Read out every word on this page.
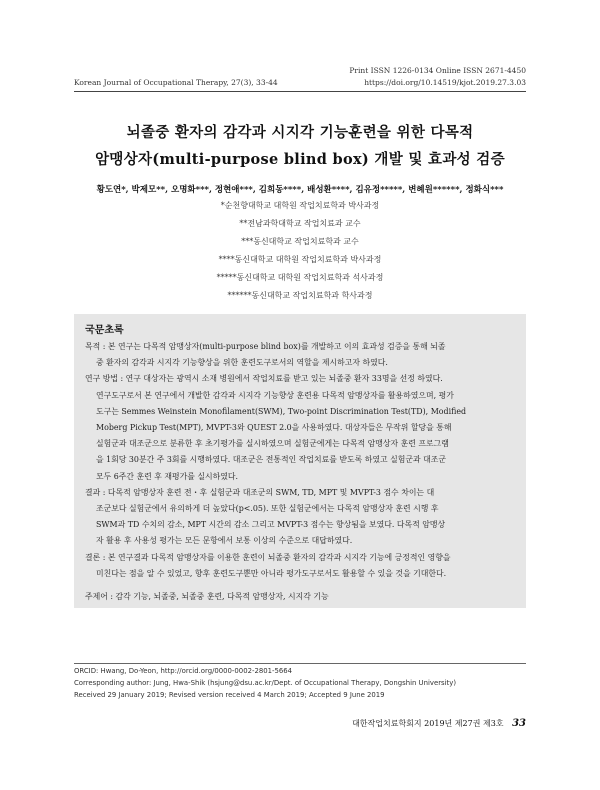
Print ISSN 1226-0134 Online ISSN 2671-4450
Korean Journal of Occupational Therapy, 27(3), 33-44	https://doi.org/10.14519/kjot.2019.27.3.03
뇌졸중 환자의 감각과 시지각 기능훈련을 위한 다목적
암맹상자(multi-purpose blind box) 개발 및 효과성 검증
황도연*, 박제모**, 오명화***, 정현애***, 김희동****, 배성환****, 김유정*****, 변혜원******, 정화식***
*순천향대학교 대학원 작업치료학과 박사과정
**전남과학대학교 작업치료과 교수
***동신대학교 작업치료학과 교수
****동신대학교 대학원 작업치료학과 박사과정
*****동신대학교 대학원 작업치료학과 석사과정
******동신대학교 작업치료학과 학사과정
국문초록
목적 : 본 연구는 다목적 암맹상자(multi-purpose blind box)를 개발하고 이의 효과성 검증을 통해 뇌졸
중 환자의 감각과 시지각 기능향상을 위한 훈련도구로서의 역할을 제시하고자 하였다.
연구 방법 : 연구 대상자는 광역시 소재 병원에서 작업치료를 받고 있는 뇌졸중 환자 33명을 선정 하였다.
연구도구로서 본 연구에서 개발한 감각과 시지각 기능향상 훈련용 다목적 암맹상자를 활용하였으며, 평가
도구는 Semmes Weinstein Monofilament(SWM), Two-point Discrimination Test(TD), Modified
Moberg Pickup Test(MPT), MVPT-3와 QUEST 2.0을 사용하였다. 대상자들은 무작위 할당을 통해
실험군과 대조군으로 분류한 후 초기평가를 실시하였으며 실험군에게는 다목적 암맹상자 훈련 프로그램
을 1회당 30분간 주 3회를 시행하였다. 대조군은 전통적인 작업치료를 받도록 하였고 실험군과 대조군
모두 6주간 훈련 후 재평가를 실시하였다.
결과 : 다목적 암맹상자 훈련 전・후 실험군과 대조군의 SWM, TD, MPT 및 MVPT-3 점수 차이는 대
조군보다 실험군에서 유의하게 더 높았다(p<.05). 또한 실험군에서는 다목적 암맹상자 훈련 시행 후
SWM과 TD 수치의 감소, MPT 시간의 감소 그리고 MVPT-3 점수는 향상됨을 보였다. 다목적 암맹상
자 활용 후 사용성 평가는 모든 문항에서 보통 이상의 수준으로 대답하였다.
결론 : 본 연구결과 다목적 암맹상자를 이용한 훈련이 뇌졸중 환자의 감각과 시지각 기능에 긍정적인 영향을
미친다는 점을 알 수 있었고, 향후 훈련도구뿐만 아니라 평가도구로서도 활용할 수 있을 것을 기대한다.
주제어 : 감각 기능, 뇌졸중, 뇌졸중 훈련, 다목적 암맹상자, 시지각 기능
ORCID: Hwang, Do-Yeon, http://orcid.org/0000-0002-2801-5664
Corresponding author: Jung, Hwa-Shik (hsjung@dsu.ac.kr/Dept. of Occupational Therapy, Dongshin University)
Received 29 January 2019; Revised version received 4 March 2019; Accepted 9 June 2019
대한작업치료학회지 2019년 제27권 제3호 33
